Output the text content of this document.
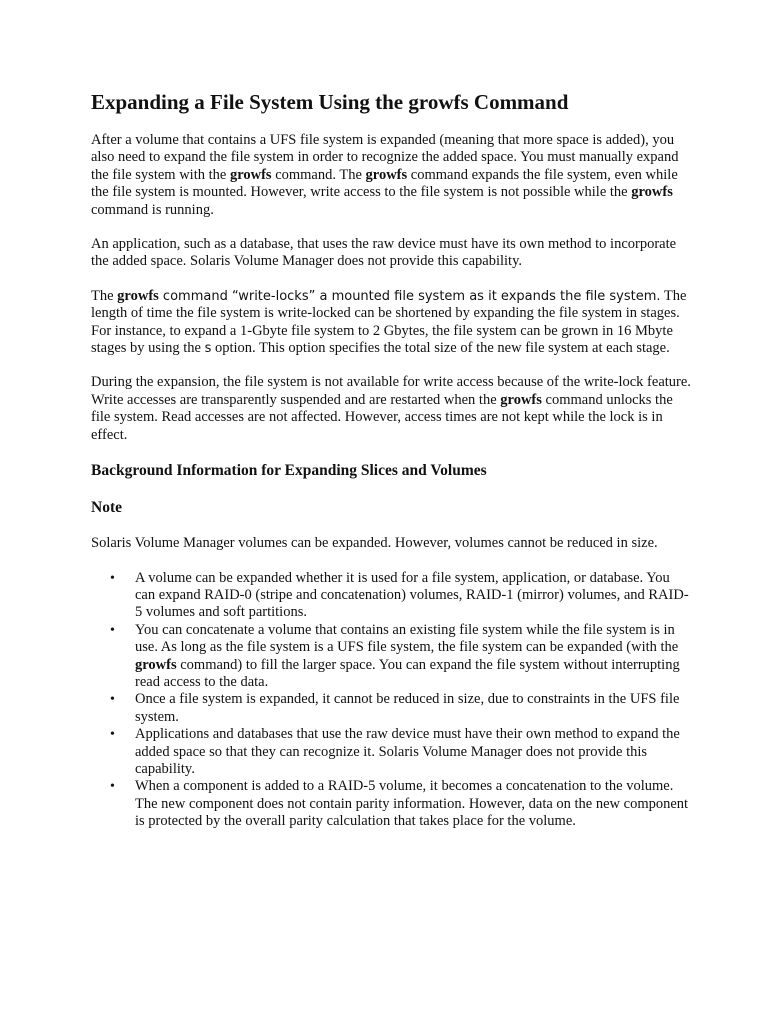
Expanding a File System Using the growfs Command

After a volume that contains a UFS file system is expanded (meaning that more space is added), you also need to expand the file system in order to recognize the added space. You must manually expand the file system with the growfs command. The growfs command expands the file system, even while the file system is mounted. However, write access to the file system is not possible while the growfs command is running.

An application, such as a database, that uses the raw device must have its own method to incorporate the added space. Solaris Volume Manager does not provide this capability.

The growfs command “write-locks” a mounted file system as it expands the file system. The length of time the file system is write-locked can be shortened by expanding the file system in stages. For instance, to expand a 1-Gbyte file system to 2 Gbytes, the file system can be grown in 16 Mbyte stages by using the s option. This option specifies the total size of the new file system at each stage.

During the expansion, the file system is not available for write access because of the write-lock feature. Write accesses are transparently suspended and are restarted when the growfs command unlocks the file system. Read accesses are not affected. However, access times are not kept while the lock is in effect.

Background Information for Expanding Slices and Volumes
Note

Solaris Volume Manager volumes can be expanded. However, volumes cannot be reduced in size.

• A volume can be expanded whether it is used for a file system, application, or database. You can expand RAID-0 (stripe and concatenation) volumes, RAID-1 (mirror) volumes, and RAID-5 volumes and soft partitions.
• You can concatenate a volume that contains an existing file system while the file system is in use. As long as the file system is a UFS file system, the file system can be expanded (with the growfs command) to fill the larger space. You can expand the file system without interrupting read access to the data.
• Once a file system is expanded, it cannot be reduced in size, due to constraints in the UFS file system.
• Applications and databases that use the raw device must have their own method to expand the added space so that they can recognize it. Solaris Volume Manager does not provide this capability.
• When a component is added to a RAID-5 volume, it becomes a concatenation to the volume. The new component does not contain parity information. However, data on the new component is protected by the overall parity calculation that takes place for the volume.
